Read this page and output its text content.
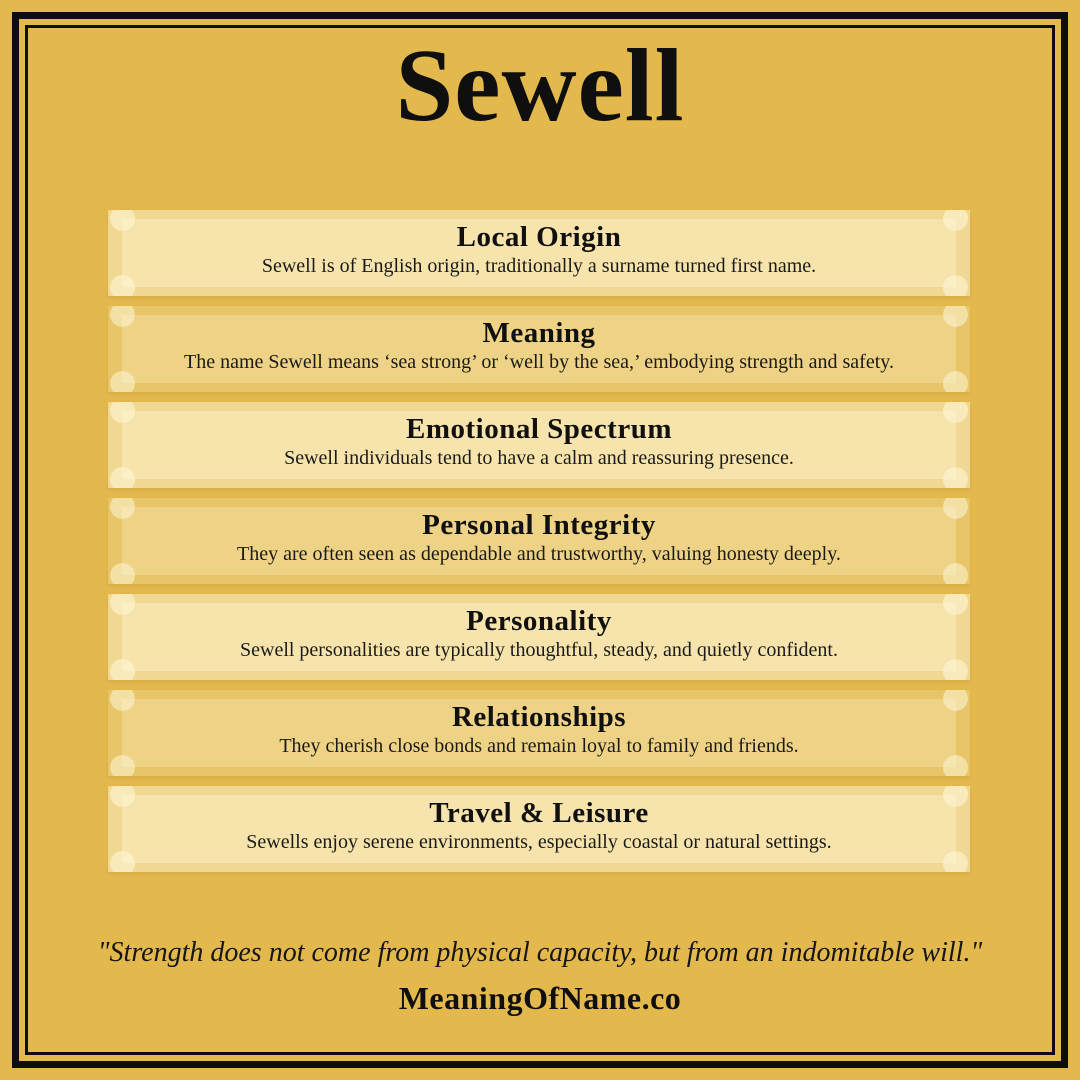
Sewell
Local Origin

Sewell is of English origin, traditionally a surname turned first name.

Meaning

The name Sewell means ‘sea strong’ or ‘well by the sea,’ embodying strength and safety.

Emotional Spectrum

Sewell individuals tend to have a calm and reassuring presence.

Personal Integrity

They are often seen as dependable and trustworthy, valuing honesty deeply.

Personality

Sewell personalities are typically thoughtful, steady, and quietly confident.

Relationships

They cherish close bonds and remain loyal to family and friends.

Travel & Leisure

Sewells enjoy serene environments, especially coastal or natural settings.

"Strength does not come from physical capacity, but from an indomitable will."

MeaningOfName.co
